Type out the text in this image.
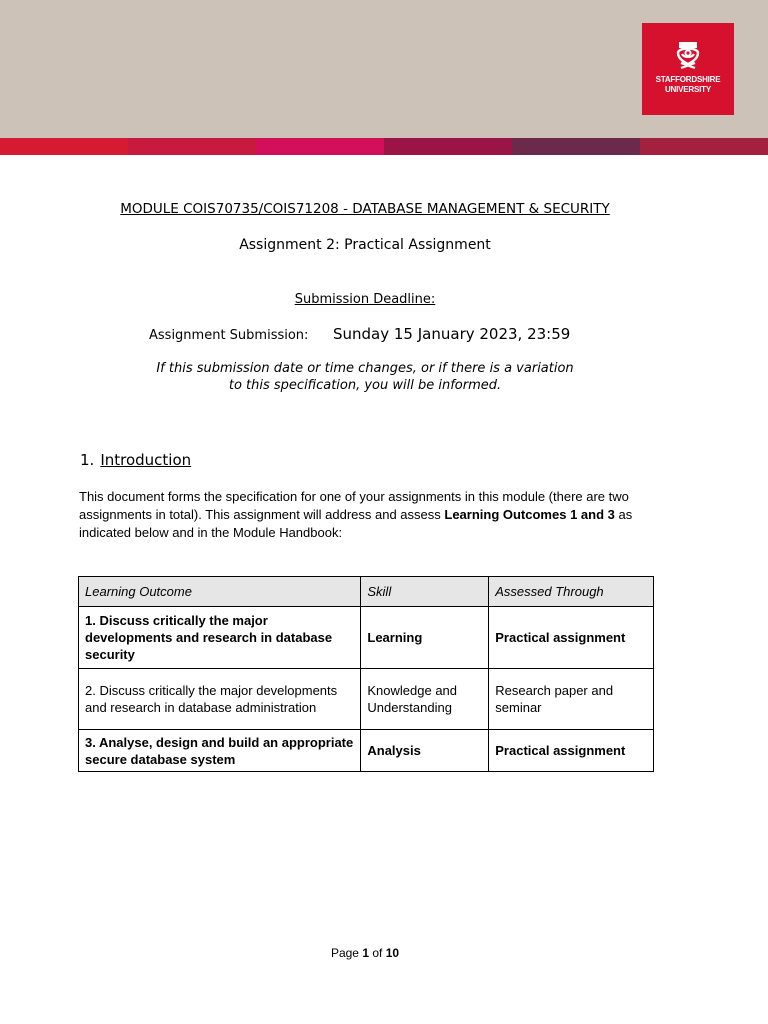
STAFFORDSHIRE
UNIVERSITY
MODULE COIS70735/COIS71208 - DATABASE MANAGEMENT & SECURITY
Assignment 2: Practical Assignment
Submission Deadline:
Assignment Submission: Sunday 15 January 2023, 23:59
If this submission date or time changes, or if there is a variation
to this specification, you will be informed.
1. Introduction
This document forms the specification for one of your assignments in this module (there are two assignments in total). This assignment will address and assess Learning Outcomes 1 and 3 as indicated below and in the Module Handbook:
Learning Outcome	Skill	Assessed Through
1. Discuss critically the major developments and research in database security	Learning	Practical assignment
2. Discuss critically the major developments and research in database administration	Knowledge and Understanding	Research paper and seminar
3. Analyse, design and build an appropriate secure database system	Analysis	Practical assignment
Page 1 of 10
